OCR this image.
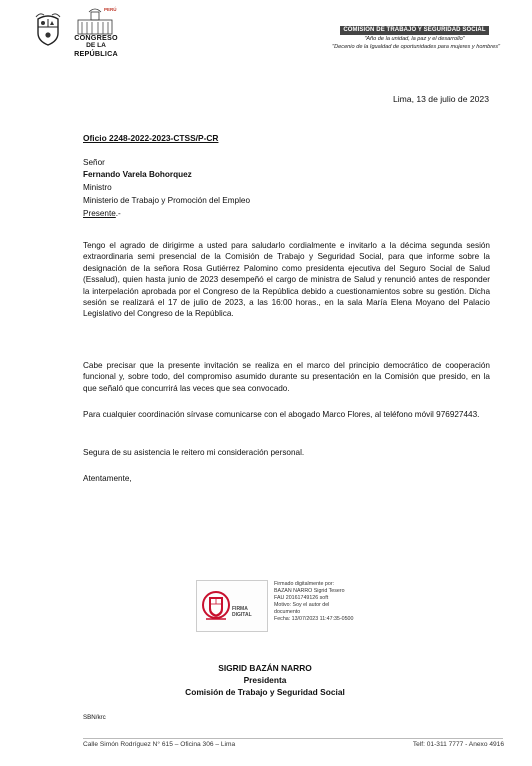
PERÚ
CONGRESO
DE LA
REPÚBLICA
COMISIÓN DE TRABAJO Y SEGURIDAD SOCIAL
"Año de la unidad, la paz y el desarrollo"
"Decenio de la Igualdad de oportunidades para mujeres y hombres"
Lima, 13 de julio de 2023
Oficio 2248-2022-2023-CTSS/P-CR
Señor
Fernando Varela Bohorquez
Ministro
Ministerio de Trabajo y Promoción del Empleo
Presente.-
Tengo el agrado de dirigirme a usted para saludarlo cordialmente e invitarlo a la décima segunda sesión extraordinaria semi presencial de la Comisión de Trabajo y Seguridad Social, para que informe sobre la designación de la señora Rosa Gutiérrez Palomino como presidenta ejecutiva del Seguro Social de Salud (Essalud), quien hasta junio de 2023 desempeñó el cargo de ministra de Salud y renunció antes de responder la interpelación aprobada por el Congreso de la República debido a cuestionamientos sobre su gestión. Dicha sesión se realizará el 17 de julio de 2023, a las 16:00 horas., en la sala María Elena Moyano del Palacio Legislativo del Congreso de la República.
Cabe precisar que la presente invitación se realiza en el marco del principio democrático de cooperación funcional y, sobre todo, del compromiso asumido durante su presentación en la Comisión que presido, en la que señaló que concurrirá las veces que sea convocado.
Para cualquier coordinación sírvase comunicarse con el abogado Marco Flores, al teléfono móvil 976927443.
Segura de su asistencia le reitero mi consideración personal.
Atentamente,
FIRMA
DIGITAL
Firmado digitalmente por:
BAZAN NARRO Sigrid Tesero
FAU 20161749126 soft
Motivo: Soy el autor del
documento
Fecha: 13/07/2023 11:47:35-0500
SIGRID BAZÁN NARRO
Presidenta
Comisión de Trabajo y Seguridad Social
SBN/krc
Calle Simón Rodríguez N° 615 – Oficina 306 – Lima	Telf: 01-311 7777 - Anexo 4916
